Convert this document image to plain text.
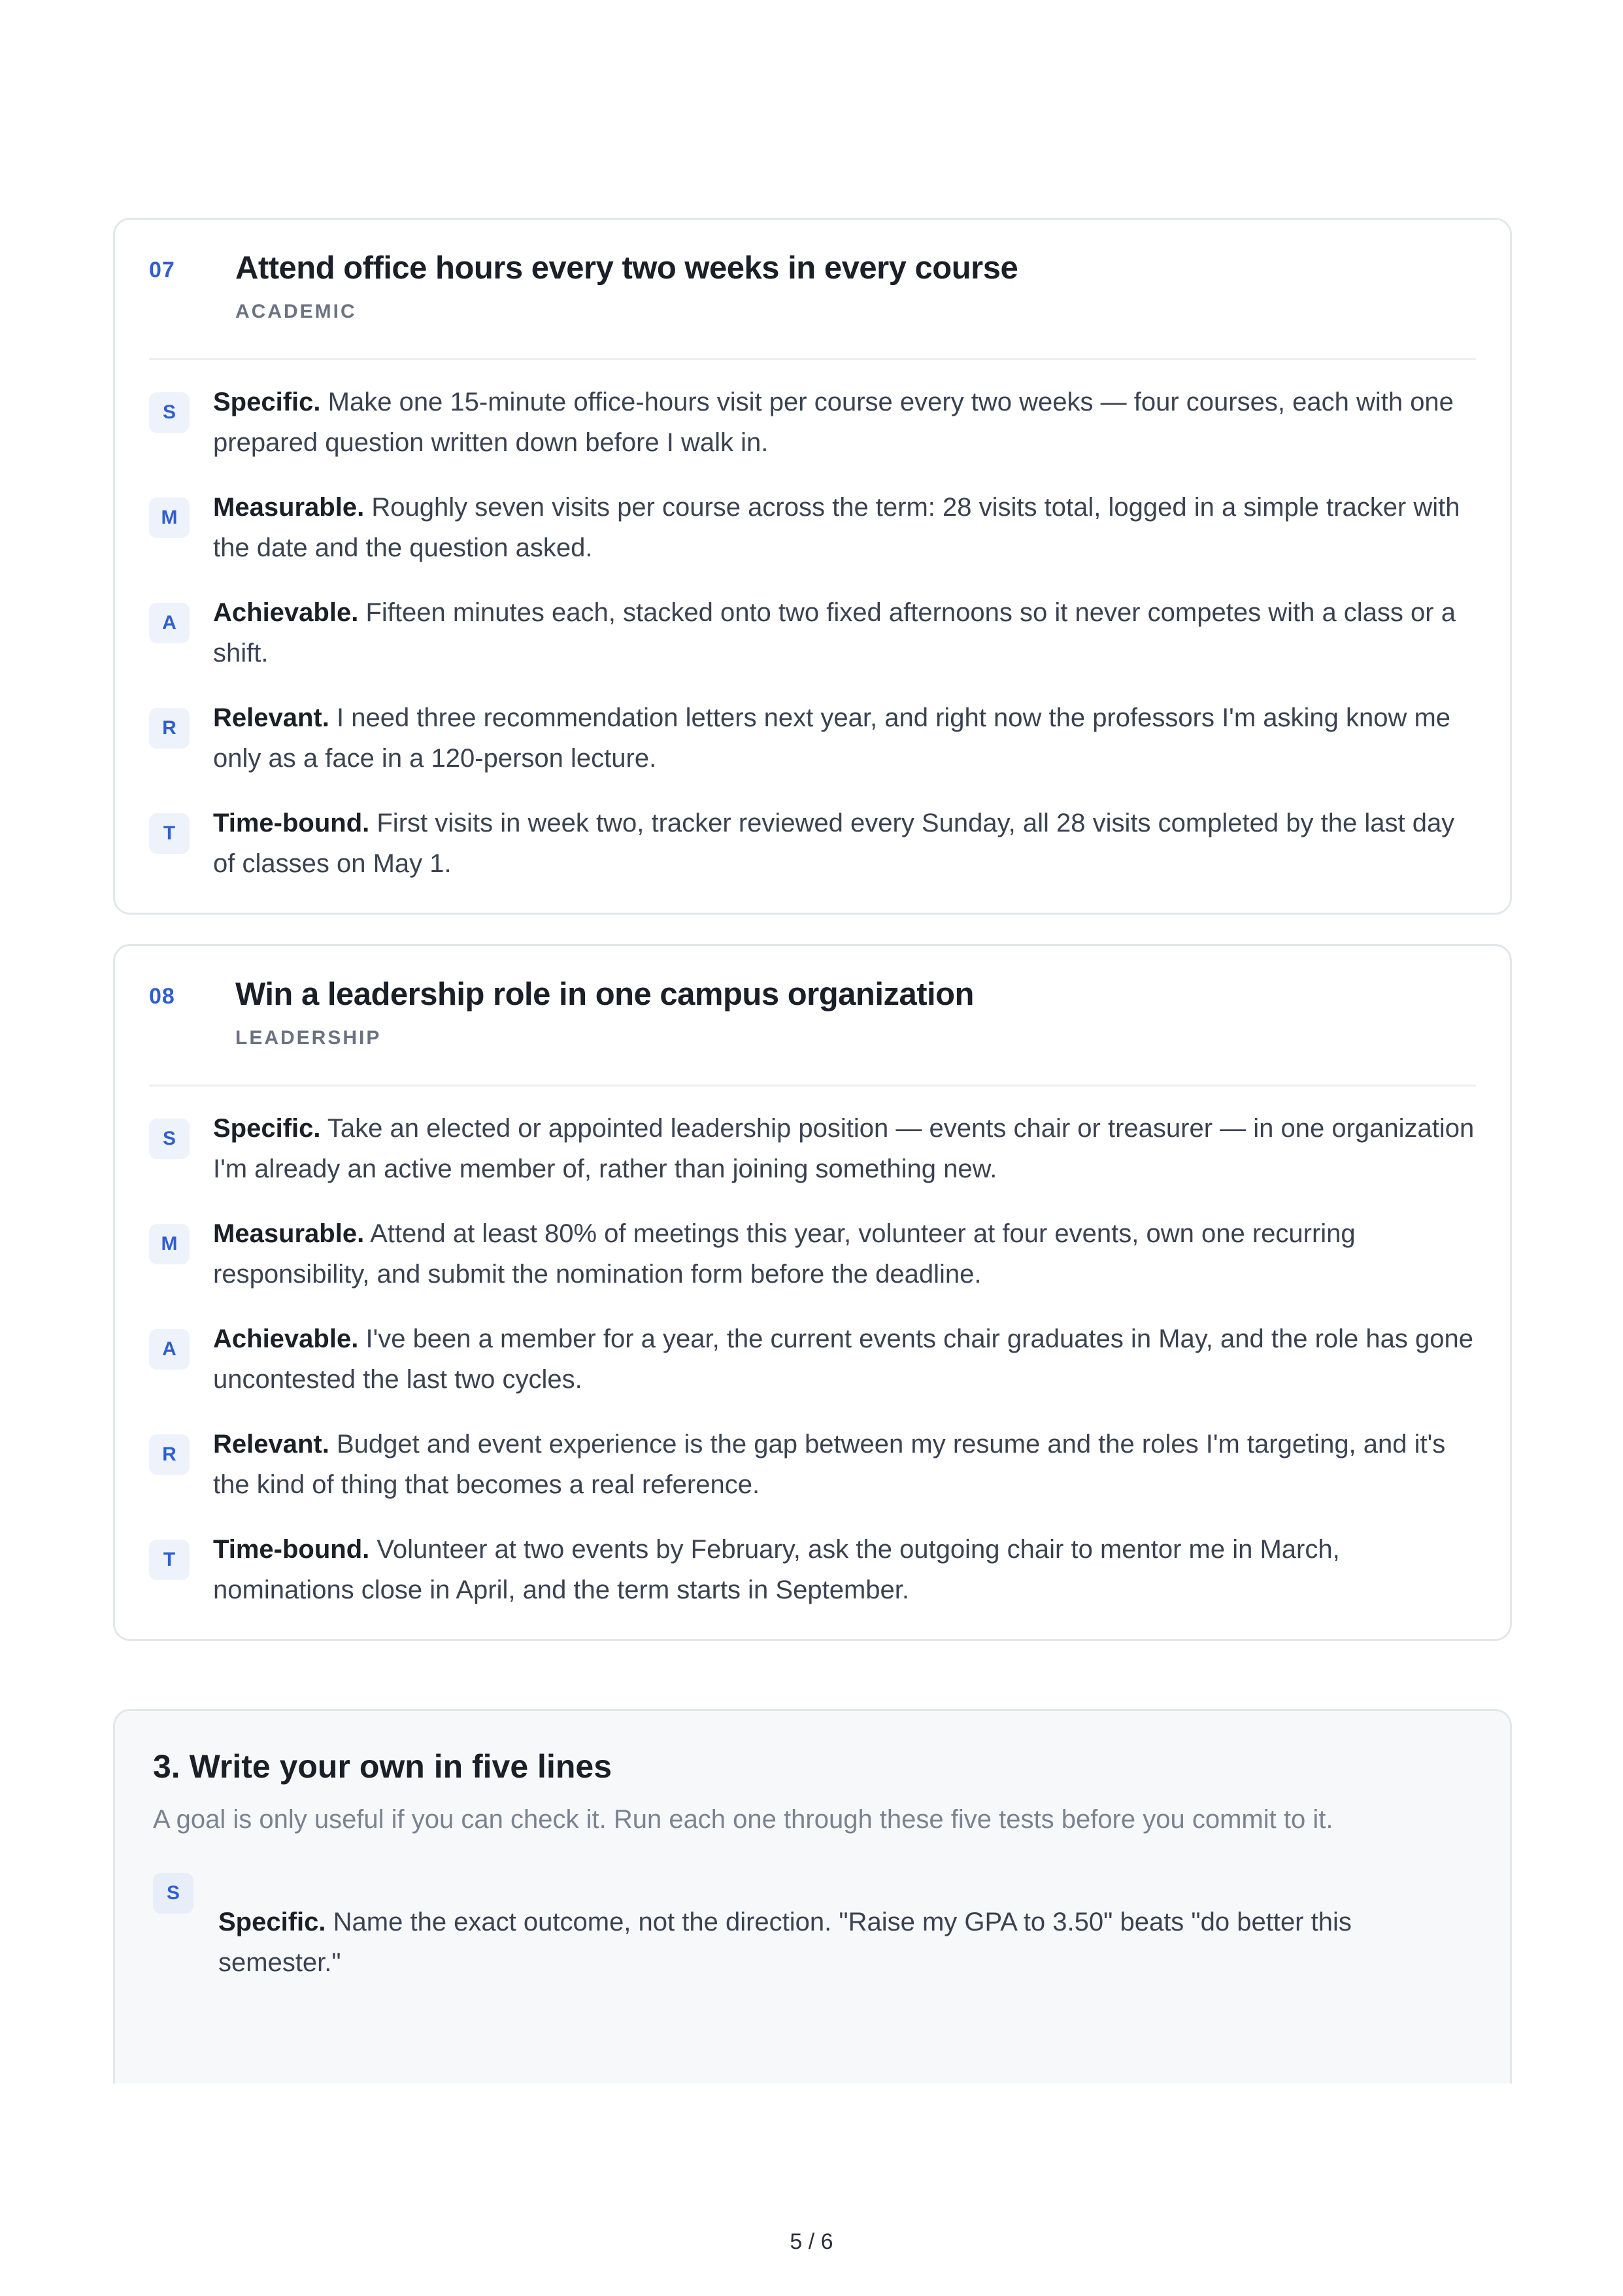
07 Attend office hours every two weeks in every course
ACADEMIC
S	Specific. Make one 15-minute office-hours visit per course every two weeks — four courses, each with one prepared question written down before I walk in.
M	Measurable. Roughly seven visits per course across the term: 28 visits total, logged in a simple tracker with the date and the question asked.
A	Achievable. Fifteen minutes each, stacked onto two fixed afternoons so it never competes with a class or a shift.
R	Relevant. I need three recommendation letters next year, and right now the professors I'm asking know me only as a face in a 120-person lecture.
T	Time-bound. First visits in week two, tracker reviewed every Sunday, all 28 visits completed by the last day of classes on May 1.
08 Win a leadership role in one campus organization
LEADERSHIP
S	Specific. Take an elected or appointed leadership position — events chair or treasurer — in one organization I'm already an active member of, rather than joining something new.
M	Measurable. Attend at least 80% of meetings this year, volunteer at four events, own one recurring responsibility, and submit the nomination form before the deadline.
A	Achievable. I've been a member for a year, the current events chair graduates in May, and the role has gone uncontested the last two cycles.
R	Relevant. Budget and event experience is the gap between my resume and the roles I'm targeting, and it's the kind of thing that becomes a real reference.
T	Time-bound. Volunteer at two events by February, ask the outgoing chair to mentor me in March, nominations close in April, and the term starts in September.
3. Write your own in five lines
A goal is only useful if you can check it. Run each one through these five tests before you commit to it.
S
Specific. Name the exact outcome, not the direction. "Raise my GPA to 3.50" beats "do better this semester."
5 / 6
